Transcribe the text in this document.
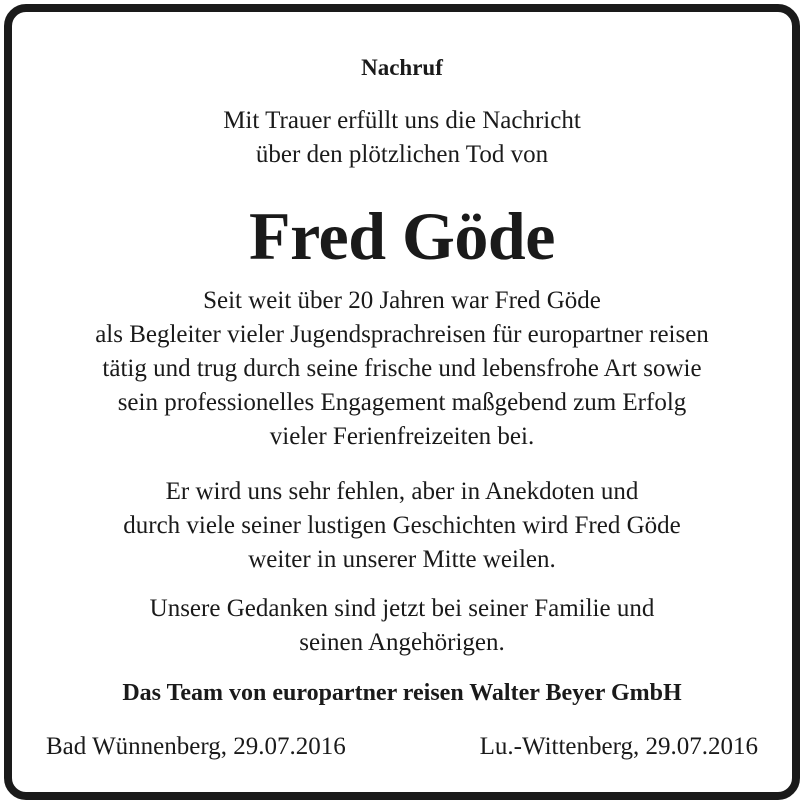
Nachruf
Mit Trauer erfüllt uns die Nachricht
über den plötzlichen Tod von
Fred Göde
Seit weit über 20 Jahren war Fred Göde
als Begleiter vieler Jugendsprachreisen für europartner reisen
tätig und trug durch seine frische und lebensfrohe Art sowie
sein professionelles Engagement maßgebend zum Erfolg
vieler Ferienfreizeiten bei.
Er wird uns sehr fehlen, aber in Anekdoten und
durch viele seiner lustigen Geschichten wird Fred Göde
weiter in unserer Mitte weilen.
Unsere Gedanken sind jetzt bei seiner Familie und
seinen Angehörigen.
Das Team von europartner reisen Walter Beyer GmbH
Bad Wünnenberg, 29.07.2016	Lu.-Wittenberg, 29.07.2016
